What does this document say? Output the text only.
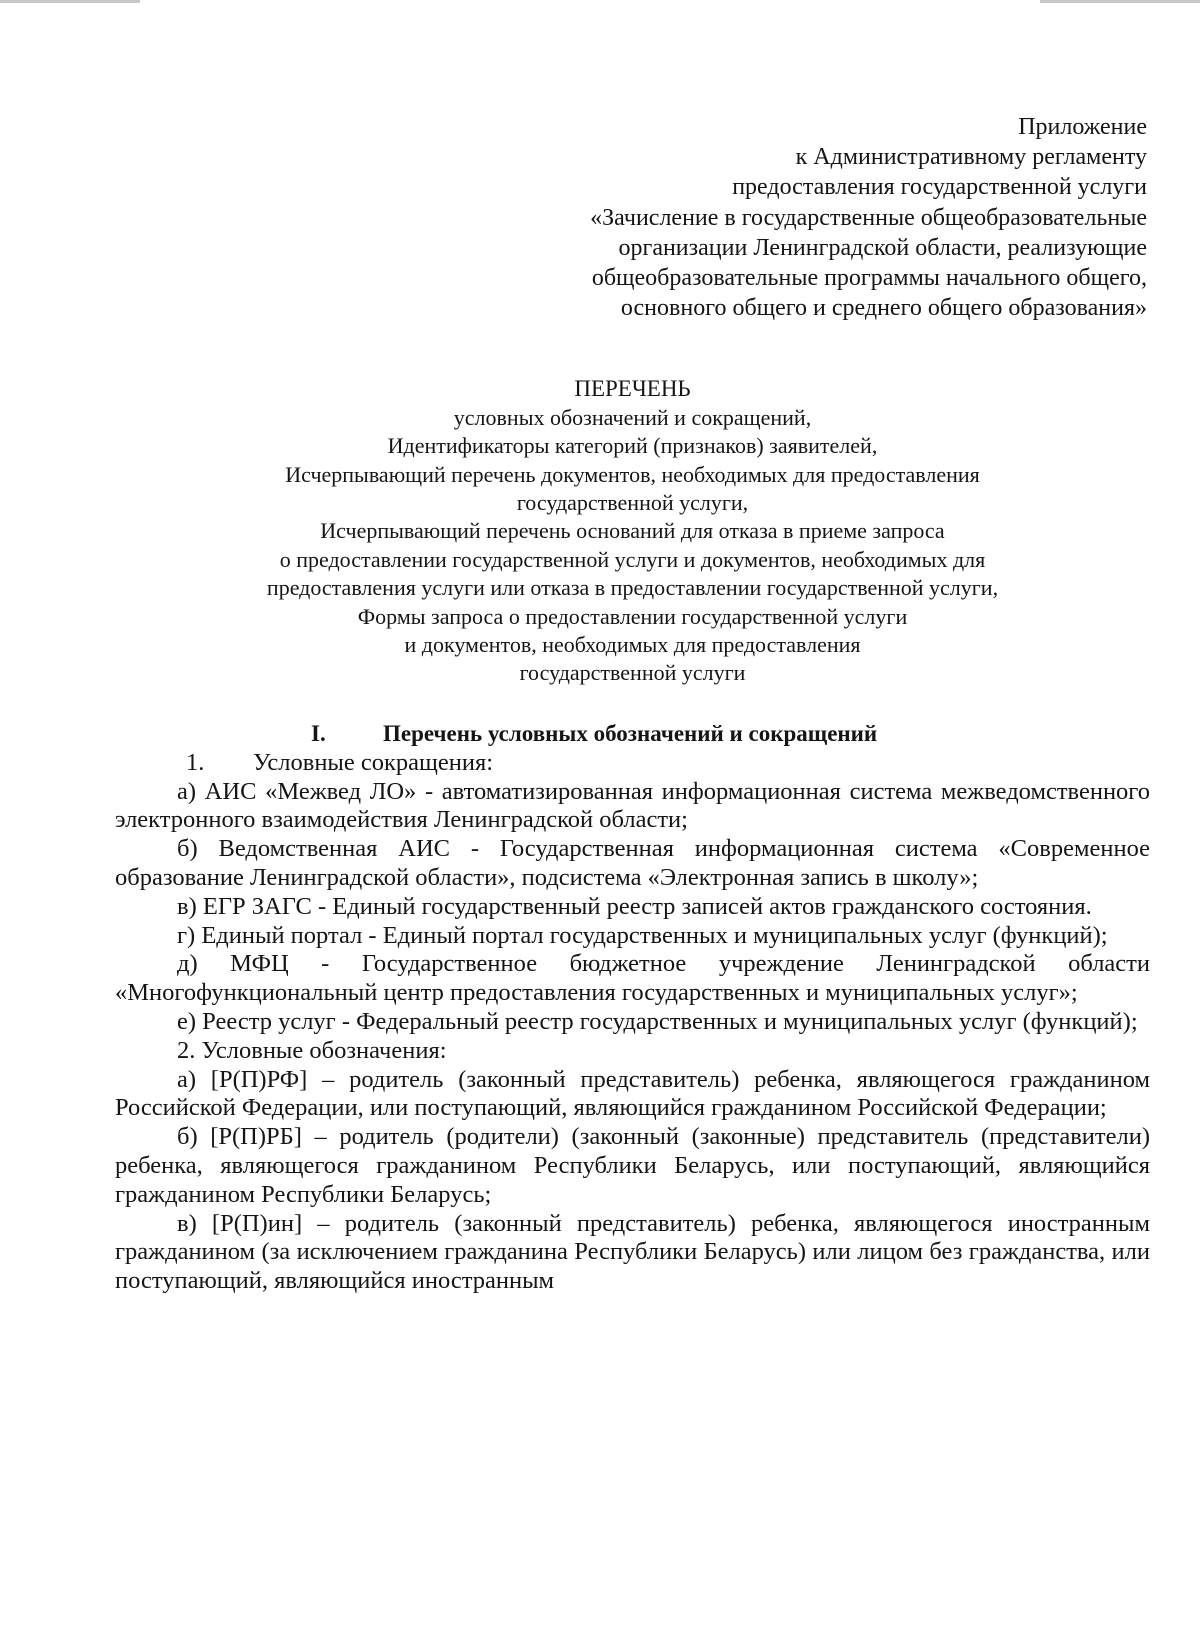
Приложение
к Административному регламенту
предоставления государственной услуги
«Зачисление в государственные общеобразовательные
организации Ленинградской области, реализующие
общеобразовательные программы начального общего,
основного общего и среднего общего образования»
ПЕРЕЧЕНЬ
условных обозначений и сокращений,
Идентификаторы категорий (признаков) заявителей,
Исчерпывающий перечень документов, необходимых для предоставления
государственной услуги,
Исчерпывающий перечень оснований для отказа в приеме запроса
о предоставлении государственной услуги и документов, необходимых для
предоставления услуги или отказа в предоставлении государственной услуги,
Формы запроса о предоставлении государственной услуги
и документов, необходимых для предоставления
государственной услуги
I. Перечень условных обозначений и сокращений

1. Условные сокращения:

а) АИС «Межвед ЛО» - автоматизированная информационная система межведомственного электронного взаимодействия Ленинградской области;

б) Ведомственная АИС - Государственная информационная система «Современное образование Ленинградской области», подсистема «Электронная запись в школу»;

в) ЕГР ЗАГС - Единый государственный реестр записей актов гражданского состояния.

г) Единый портал - Единый портал государственных и муниципальных услуг (функций);

д) МФЦ - Государственное бюджетное учреждение Ленинградской области «Многофункциональный центр предоставления государственных и муниципальных услуг»;

е) Реестр услуг - Федеральный реестр государственных и муниципальных услуг (функций);

2. Условные обозначения:

а) [Р(П)РФ] – родитель (законный представитель) ребенка, являющегося гражданином Российской Федерации, или поступающий, являющийся гражданином Российской Федерации;

б) [Р(П)РБ] – родитель (родители) (законный (законные) представитель (представители) ребенка, являющегося гражданином Республики Беларусь, или поступающий, являющийся гражданином Республики Беларусь;

в) [Р(П)ин] – родитель (законный представитель) ребенка, являющегося иностранным гражданином (за исключением гражданина Республики Беларусь) или лицом без гражданства, или поступающий, являющийся иностранным
